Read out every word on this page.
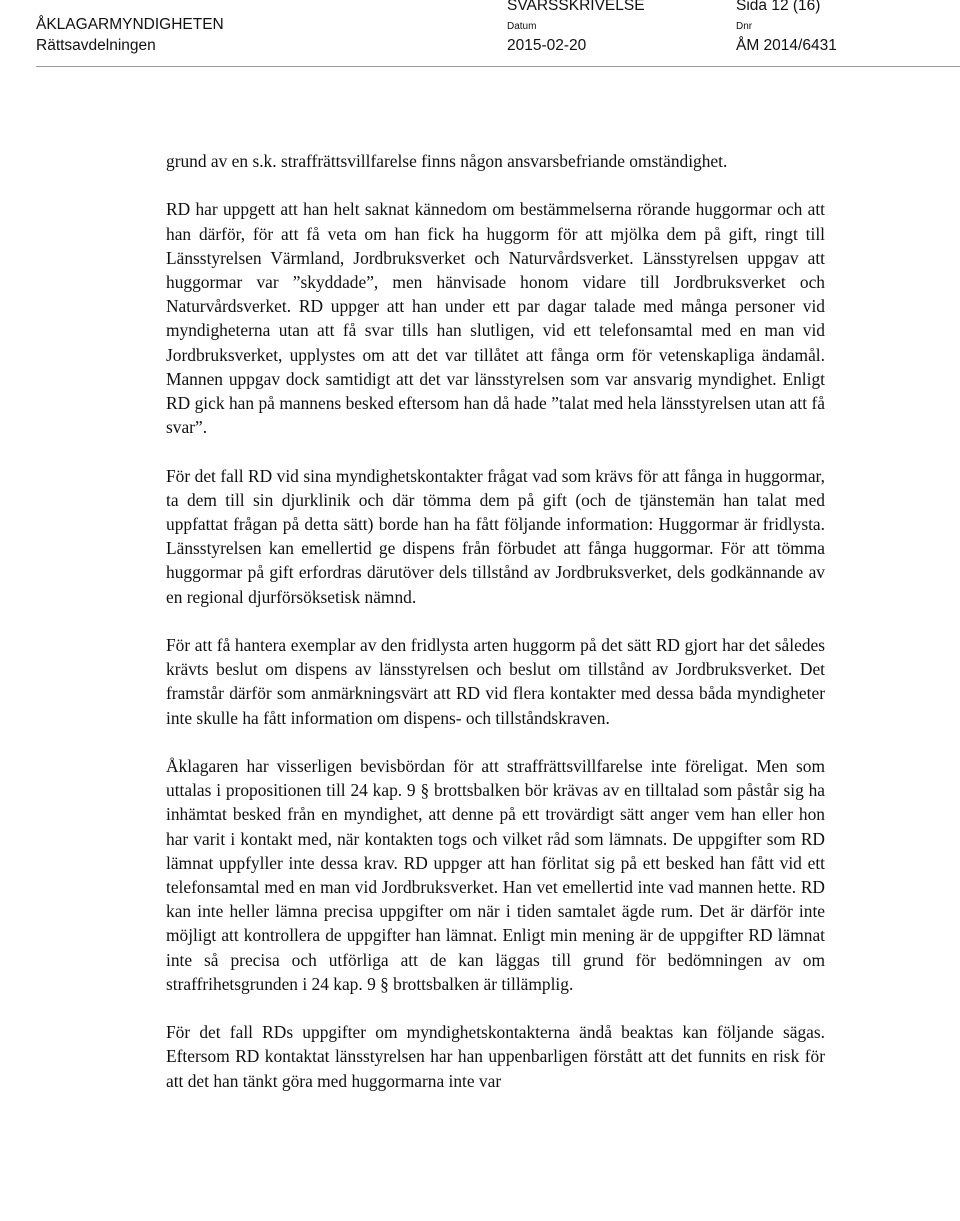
ÅKLAGARMYNDIGHETEN
Rättsavdelningen
SVARSSKRIVELSE	Sida 12 (16)
Datum
2015-02-20
Dnr
ÅM 2014/6431

grund av en s.k. straffrättsvillfarelse finns någon ansvarsbefriande omständighet.

RD har uppgett att han helt saknat kännedom om bestämmelserna rörande huggormar och att han därför, för att få veta om han fick ha huggorm för att mjölka dem på gift, ringt till Länsstyrelsen Värmland, Jordbruksverket och Naturvårdsverket. Länsstyrelsen uppgav att huggormar var ”skyddade”, men hänvisade honom vidare till Jordbruksverket och Naturvårdsverket. RD uppger att han under ett par dagar talade med många personer vid myndigheterna utan att få svar tills han slutligen, vid ett telefonsamtal med en man vid Jordbruksverket, upplystes om att det var tillåtet att fånga orm för vetenskapliga ändamål. Mannen uppgav dock samtidigt att det var länsstyrelsen som var ansvarig myndighet. Enligt RD gick han på mannens besked eftersom han då hade ”talat med hela länsstyrelsen utan att få svar”.

För det fall RD vid sina myndighetskontakter frågat vad som krävs för att fånga in huggormar, ta dem till sin djurklinik och där tömma dem på gift (och de tjänstemän han talat med uppfattat frågan på detta sätt) borde han ha fått följande information: Huggormar är fridlysta. Länsstyrelsen kan emellertid ge dispens från förbudet att fånga huggormar. För att tömma huggormar på gift erfordras därutöver dels tillstånd av Jordbruksverket, dels godkännande av en regional djurförsöksetisk nämnd.

För att få hantera exemplar av den fridlysta arten huggorm på det sätt RD gjort har det således krävts beslut om dispens av länsstyrelsen och beslut om tillstånd av Jordbruksverket. Det framstår därför som anmärkningsvärt att RD vid flera kontakter med dessa båda myndigheter inte skulle ha fått information om dispens- och tillståndskraven.

Åklagaren har visserligen bevisbördan för att straffrättsvillfarelse inte föreligat. Men som uttalas i propositionen till 24 kap. 9 § brottsbalken bör krävas av en tilltalad som påstår sig ha inhämtat besked från en myndighet, att denne på ett trovärdigt sätt anger vem han eller hon har varit i kontakt med, när kontakten togs och vilket råd som lämnats. De uppgifter som RD lämnat uppfyller inte dessa krav. RD uppger att han förlitat sig på ett besked han fått vid ett telefonsamtal med en man vid Jordbruksverket. Han vet emellertid inte vad mannen hette. RD kan inte heller lämna precisa uppgifter om när i tiden samtalet ägde rum. Det är därför inte möjligt att kontrollera de uppgifter han lämnat. Enligt min mening är de uppgifter RD lämnat inte så precisa och utförliga att de kan läggas till grund för bedömningen av om straffrihetsgrunden i 24 kap. 9 § brottsbalken är tillämplig.

För det fall RDs uppgifter om myndighetskontakterna ändå beaktas kan följande sägas. Eftersom RD kontaktat länsstyrelsen har han uppenbarligen förstått att det funnits en risk för att det han tänkt göra med huggormarna inte var
